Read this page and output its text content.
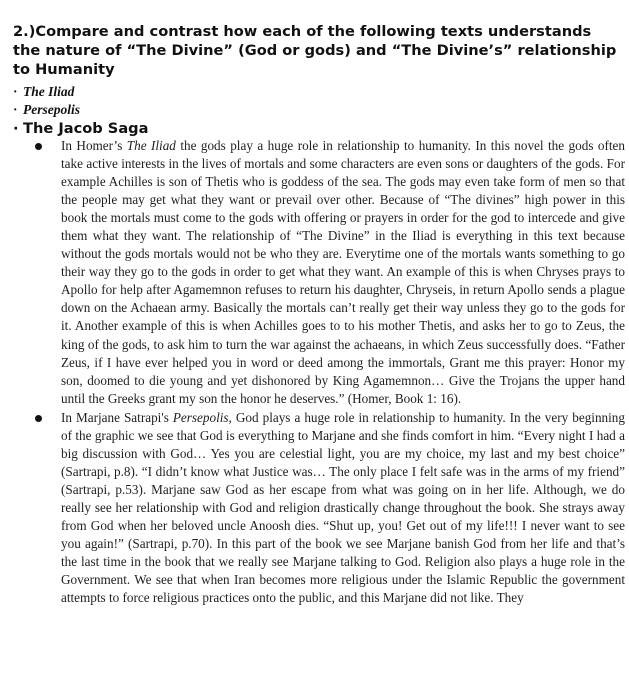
2.)Compare and contrast how each of the following texts understands the nature of “The Divine” (God or gods) and “The Divine’s” relationship to Humanity
· The Iliad
· Persepolis
· The Jacob Saga
In Homer’s The Iliad the gods play a huge role in relationship to humanity. In this novel the gods often take active interests in the lives of mortals and some characters are even sons or daughters of the gods. For example Achilles is son of Thetis who is goddess of the sea. The gods may even take form of men so that the people may get what they want or prevail over other. Because of “The divines” high power in this book the mortals must come to the gods with offering or prayers in order for the god to intercede and give them what they want. The relationship of “The Divine” in the Iliad is everything in this text because without the gods mortals would not be who they are. Everytime one of the mortals wants something to go their way they go to the gods in order to get what they want. An example of this is when Chryses prays to Apollo for help after Agamemnon refuses to return his daughter, Chryseis, in return Apollo sends a plague down on the Achaean army. Basically the mortals can’t really get their way unless they go to the gods for it. Another example of this is when Achilles goes to to his mother Thetis, and asks her to go to Zeus, the king of the gods, to ask him to turn the war against the achaeans, in which Zeus successfully does. “Father Zeus, if I have ever helped you in word or deed among the immortals, Grant me this prayer: Honor my son, doomed to die young and yet dishonored by King Agamemnon… Give the Trojans the upper hand until the Greeks grant my son the honor he deserves.” (Homer, Book 1: 16).
In Marjane Satrapi's Persepolis, God plays a huge role in relationship to humanity. In the very beginning of the graphic we see that God is everything to Marjane and she finds comfort in him. “Every night I had a big discussion with God… Yes you are celestial light, you are my choice, my last and my best choice” (Sartrapi, p.8). “I didn’t know what Justice was… The only place I felt safe was in the arms of my friend” (Sartrapi, p.53). Marjane saw God as her escape from what was going on in her life. Although, we do really see her relationship with God and religion drastically change throughout the book. She strays away from God when her beloved uncle Anoosh dies. “Shut up, you! Get out of my life!!! I never want to see you again!” (Sartrapi, p.70). In this part of the book we see Marjane banish God from her life and that’s the last time in the book that we really see Marjane talking to God. Religion also plays a huge role in the Government. We see that when Iran becomes more religious under the Islamic Republic the government attempts to force religious practices onto the public, and this Marjane did not like. They
